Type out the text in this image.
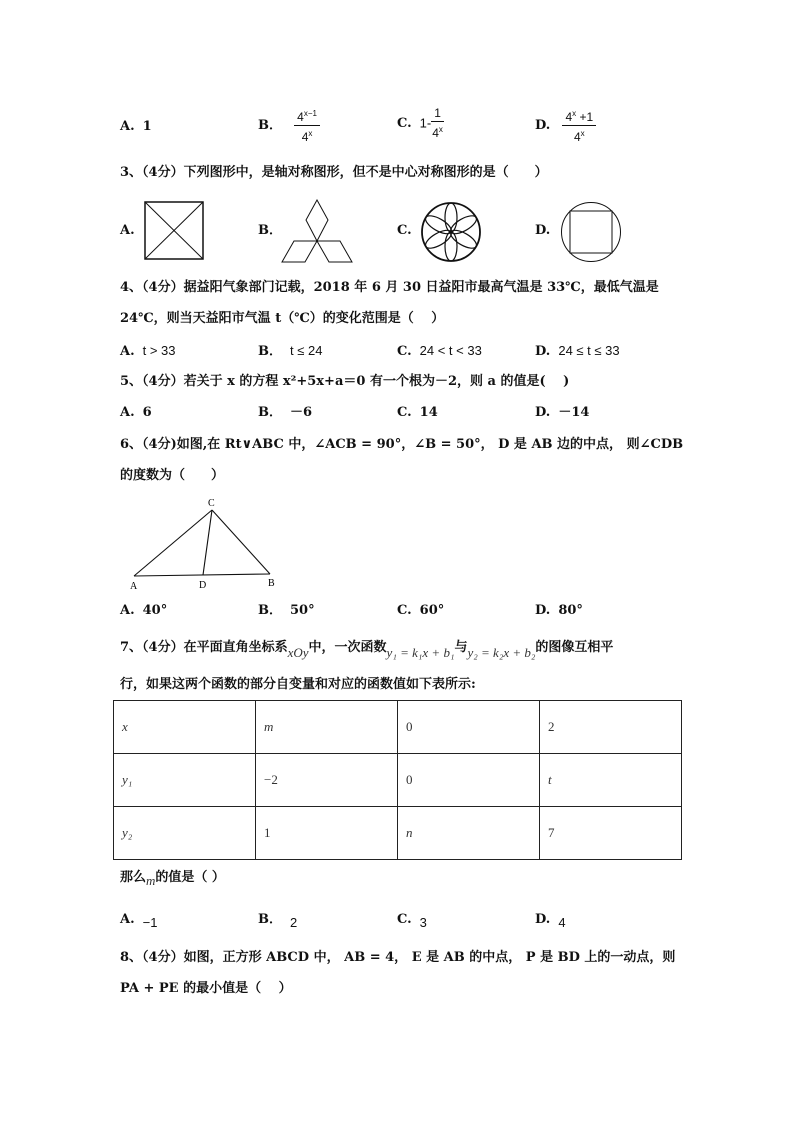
A. 1	B． $\frac{4^{x-1}}{4^x}$	C. $1- \frac{1}{4^x}$	D. $\frac{4^x +1}{4^x}$
3、（4分）下列图形中，是轴对称图形，但不是中心对称图形的是（　　）
A.	B．	C.	D.
4、（4分）据益阳气象部门记载，2018 年 6 月 30 日益阳市最高气温是 33℃，最低气温是
24℃，则当天益阳市气温 t（℃）的变化范围是（　 ）
A. t > 33	B． t ≤ 24	C. 24 < t < 33	D. 24 ≤ t ≤ 33
5、（4分）若关于 x 的方程 x²+5x+a＝0 有一个根为－2，则 a 的值是(　 )
A. 6	B． －6	C. 14	D. －14
6、（4分)如图,在 Rt∨ABC 中，∠ACB = 90°，∠B = 50°， D 是 AB 边的中点， 则∠CDB
的度数为（　　）
C
A	D	B
A. 40°	B． 50°	C. 60°	D. 80°
7、（4分）在平面直角坐标系xOy中，一次函数y₁ = k₁x + b₁与y₂ = k₂x + b₂的图像互相平
行，如果这两个函数的部分自变量和对应的函数值如下表所示:
x	m	0	2
y₁	−2	0	t
y₂	1	n	7
那么m的值是（ ）
A. −1	B． 2	C. 3	D. 4
8、（4分）如图，正方形 ABCD 中， AB = 4， E 是 AB 的中点， P 是 BD 上的一动点，则
PA + PE 的最小值是（　 ）
